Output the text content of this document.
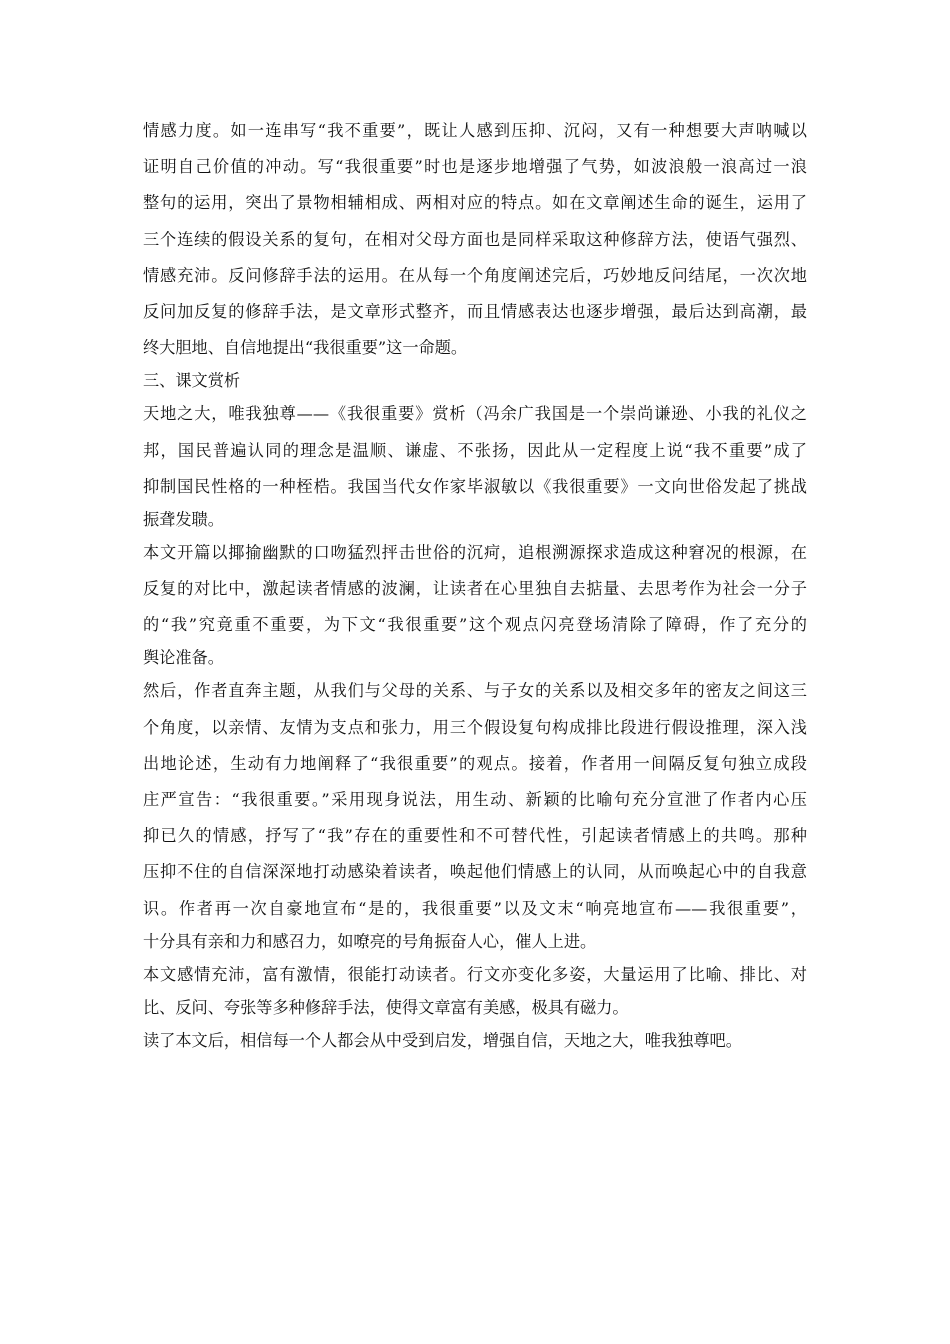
情感力度。如一连串写“我不重要”，既让人感到压抑、沉闷，又有一种想要大声呐喊以
证明自己价值的冲动。写“我很重要”时也是逐步地增强了气势，如波浪般一浪高过一浪
整句的运用，突出了景物相辅相成、两相对应的特点。如在文章阐述生命的诞生，运用了
三个连续的假设关系的复句，在相对父母方面也是同样采取这种修辞方法，使语气强烈、
情感充沛。反问修辞手法的运用。在从每一个角度阐述完后，巧妙地反问结尾，一次次地
反问加反复的修辞手法，是文章形式整齐，而且情感表达也逐步增强，最后达到高潮，最
终大胆地、自信地提出“我很重要”这一命题。
三、课文赏析
天地之大，唯我独尊——《我很重要》赏析（冯余广我国是一个崇尚谦逊、小我的礼仪之
邦，国民普遍认同的理念是温顺、谦虚、不张扬，因此从一定程度上说“我不重要”成了
抑制国民性格的一种桎梏。我国当代女作家毕淑敏以《我很重要》一文向世俗发起了挑战
振聋发聩。
本文开篇以揶揄幽默的口吻猛烈抨击世俗的沉疴，追根溯源探求造成这种窘况的根源，在
反复的对比中，激起读者情感的波澜，让读者在心里独自去掂量、去思考作为社会一分子
的“我”究竟重不重要，为下文“我很重要”这个观点闪亮登场清除了障碍，作了充分的
舆论准备。
然后，作者直奔主题，从我们与父母的关系、与子女的关系以及相交多年的密友之间这三
个角度，以亲情、友情为支点和张力，用三个假设复句构成排比段进行假设推理，深入浅
出地论述，生动有力地阐释了“我很重要”的观点。接着，作者用一间隔反复句独立成段
庄严宣告：“我很重要。”采用现身说法，用生动、新颖的比喻句充分宣泄了作者内心压
抑已久的情感，抒写了“我”存在的重要性和不可替代性，引起读者情感上的共鸣。那种
压抑不住的自信深深地打动感染着读者，唤起他们情感上的认同，从而唤起心中的自我意
识。作者再一次自豪地宣布“是的，我很重要”以及文末“响亮地宣布——我很重要”，
十分具有亲和力和感召力，如嘹亮的号角振奋人心，催人上进。
本文感情充沛，富有激情，很能打动读者。行文亦变化多姿，大量运用了比喻、排比、对
比、反问、夸张等多种修辞手法，使得文章富有美感，极具有磁力。
读了本文后，相信每一个人都会从中受到启发，增强自信，天地之大，唯我独尊吧。
